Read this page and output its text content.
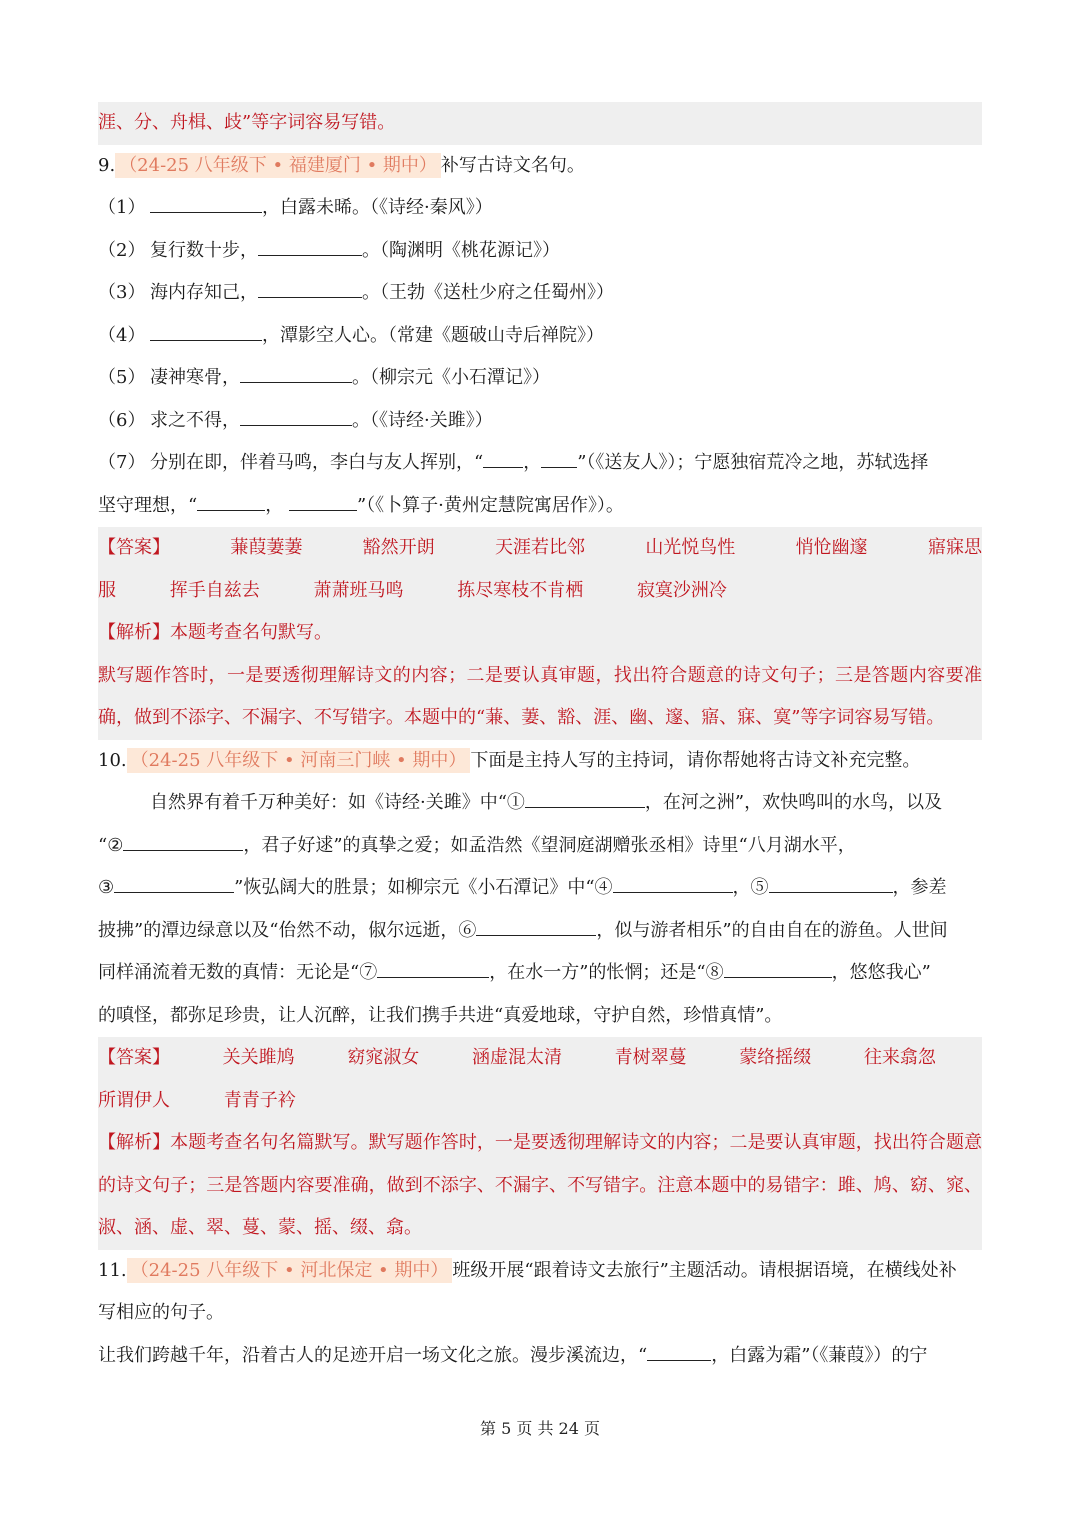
涯、分、舟楫、歧”等字词容易写错。
9. （24-25 八年级下 • 福建厦门 • 期中） 补写古诗文名句。
（1）	，白露未晞。（《诗经·秦风》）
（2） 复行数十步，	。（陶渊明《桃花源记》）
（3） 海内存知己，	。（王勃《送杜少府之任蜀州》）
（4）	，潭影空人心。（常建《题破山寺后禅院》）
（5） 凄神寒骨，	。（柳宗元《小石潭记》）
（6） 求之不得，	。（《诗经·关雎》）
（7） 分别在即，伴着马鸣，李白与友人挥别，“ ， ”（《送友人》）；宁愿独宿荒冷之地，苏轼选择
坚守理想，“	，	”（《卜算子·黄州定慧院寓居作》）。
【答案】	蒹葭萋萋	豁然开朗	天涯若比邻	山光悦鸟性	悄怆幽邃	寤寐思
服	挥手自兹去	萧萧班马鸣	拣尽寒枝不肯栖	寂寞沙洲冷
【解析】本题考查名句默写。
默写题作答时，一是要透彻理解诗文的内容；二是要认真审题，找出符合题意的诗文句子；三是答题内容要准确，做到不添字、不漏字、不写错字。本题中的“蒹、萋、豁、涯、幽、邃、寤、寐、寞”等字词容易写错。
10. （24-25 八年级下 • 河南三门峡 • 期中） 下面是主持人写的主持词，请你帮她将古诗文补充完整。
自然界有着千万种美好：如《诗经·关雎》中“①	，在河之洲”，欢快鸣叫的水鸟，以及
“②	，君子好逑”的真挚之爱；如孟浩然《望洞庭湖赠张丞相》诗里“八月湖水平，
③	”恢弘阔大的胜景；如柳宗元《小石潭记》中“④	，⑤	，参差
披拂”的潭边绿意以及“佁然不动，俶尔远逝，⑥	，似与游者相乐”的自由自在的游鱼。人世间
同样涌流着无数的真情：无论是“⑦	，在水一方”的怅惘；还是“⑧	，悠悠我心”
的嗔怪，都弥足珍贵，让人沉醉，让我们携手共进“真爱地球，守护自然，珍惜真情”。
【答案】	关关雎鸠	窈窕淑女	涵虚混太清	青树翠蔓	蒙络摇缀	往来翕忽
所谓伊人	青青子衿
【解析】本题考查名句名篇默写。默写题作答时，一是要透彻理解诗文的内容；二是要认真审题，找出符合题意的诗文句子；三是答题内容要准确，做到不添字、不漏字、不写错字。注意本题中的易错字：雎、鸠、窈、窕、淑、涵、虚、翠、蔓、蒙、摇、缀、翕。
11. （24-25 八年级下 • 河北保定 • 期中） 班级开展“跟着诗文去旅行”主题活动。请根据语境，在横线处补
写相应的句子。
让我们跨越千年，沿着古人的足迹开启一场文化之旅。漫步溪流边，“	，白露为霜”（《蒹葭》）的宁
第 5 页 共 24 页
